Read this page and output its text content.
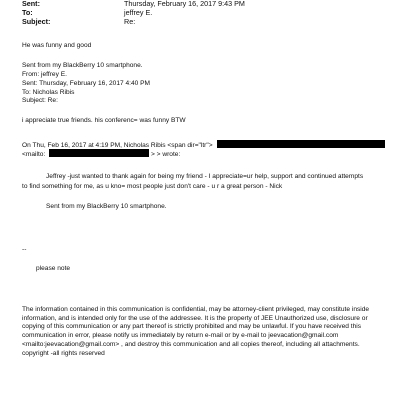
Sent:	Thursday, February 16, 2017 9:43 PM
To:	jeffrey E.
Subject:	Re:
He was funny and good
Sent from my BlackBerry 10 smartphone.
From: jeffrey E.
Sent: Thursday, February 16, 2017 4:40 PM
To: Nicholas Ribis
Subject: Re:
i appreciate true friends. his conferenc= was funny BTW
On Thu, Feb 16, 2017 at 4:19 PM, Nicholas Ribis <span dir="ltr">
<mailto:	> > wrote:
Jeffrey -just wanted to thank again for being my friend - I appreciate=ur help, support and continued attempts
to find something for me, as u kno= most people just don't care - u r a great person - Nick
Sent from my BlackBerry 10 smartphone.
--
please note
The information contained in this communication is confidential, may be attorney-client privileged, may constitute inside information, and is intended only for the use of the addressee. It is the property of JEE Unauthorized use, disclosure or copying of this communication or any part thereof is strictly prohibited and may be unlawful. If you have received this communication in error, please notify us immediately by return e-mail or by e-mail to jeevacation@gmail.com <mailto:jeevacation@gmail.com> , and destroy this communication and all copies thereof, including all attachments. copyright -all rights reserved
